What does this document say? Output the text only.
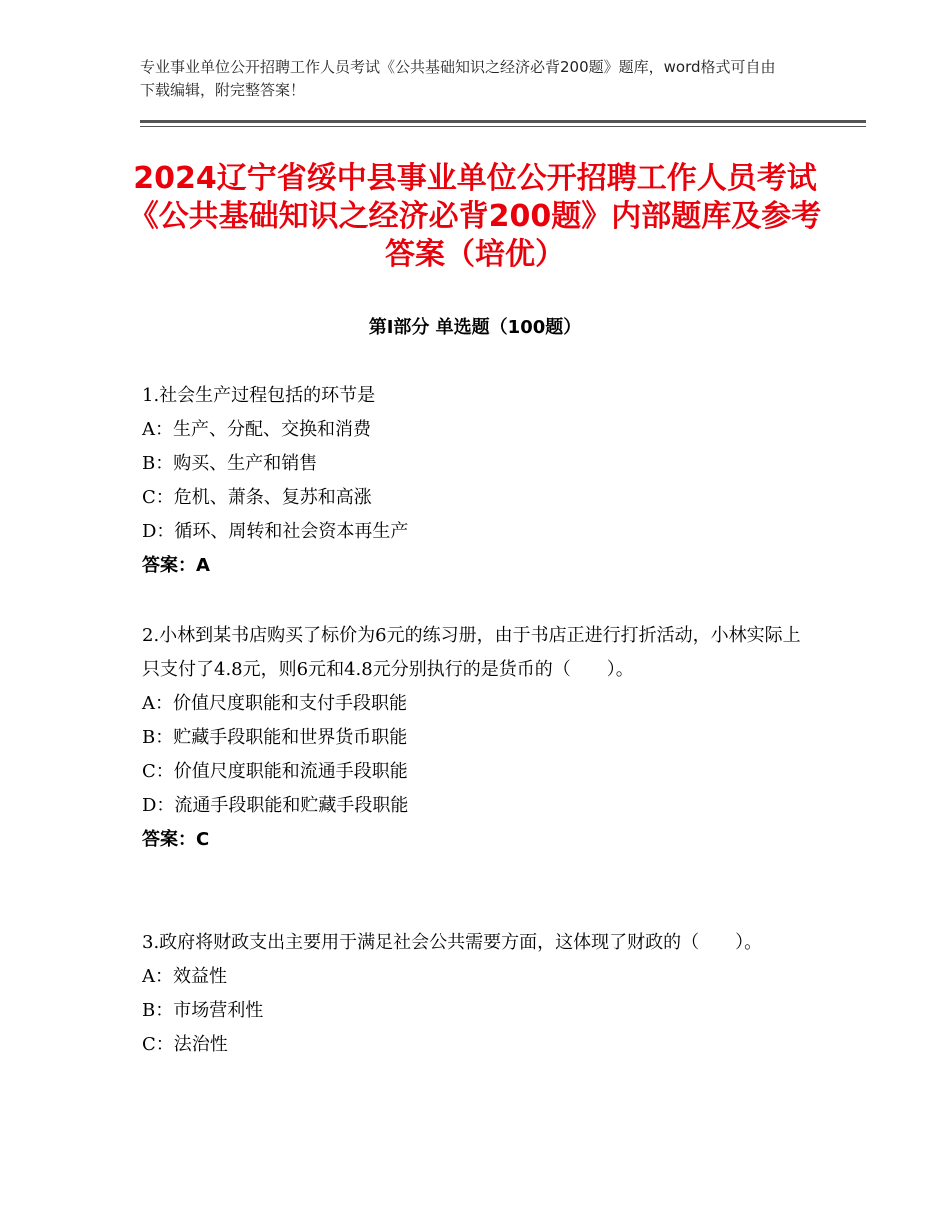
专业事业单位公开招聘工作人员考试《公共基础知识之经济必背200题》题库，word格式可自由下载编辑，附完整答案！
2024辽宁省绥中县事业单位公开招聘工作人员考试《公共基础知识之经济必背200题》内部题库及参考答案（培优）
第Ⅰ部分 单选题（100题）
1.社会生产过程包括的环节是
A：生产、分配、交换和消费
B：购买、生产和销售
C：危机、萧条、复苏和高涨
D：循环、周转和社会资本再生产
答案：A
2.小林到某书店购买了标价为6元的练习册，由于书店正进行打折活动，小林实际上只支付了4.8元，则6元和4.8元分别执行的是货币的（　　）。
A：价值尺度职能和支付手段职能
B：贮藏手段职能和世界货币职能
C：价值尺度职能和流通手段职能
D：流通手段职能和贮藏手段职能
答案：C
3.政府将财政支出主要用于满足社会公共需要方面，这体现了财政的（　　）。
A：效益性
B：市场营利性
C：法治性
